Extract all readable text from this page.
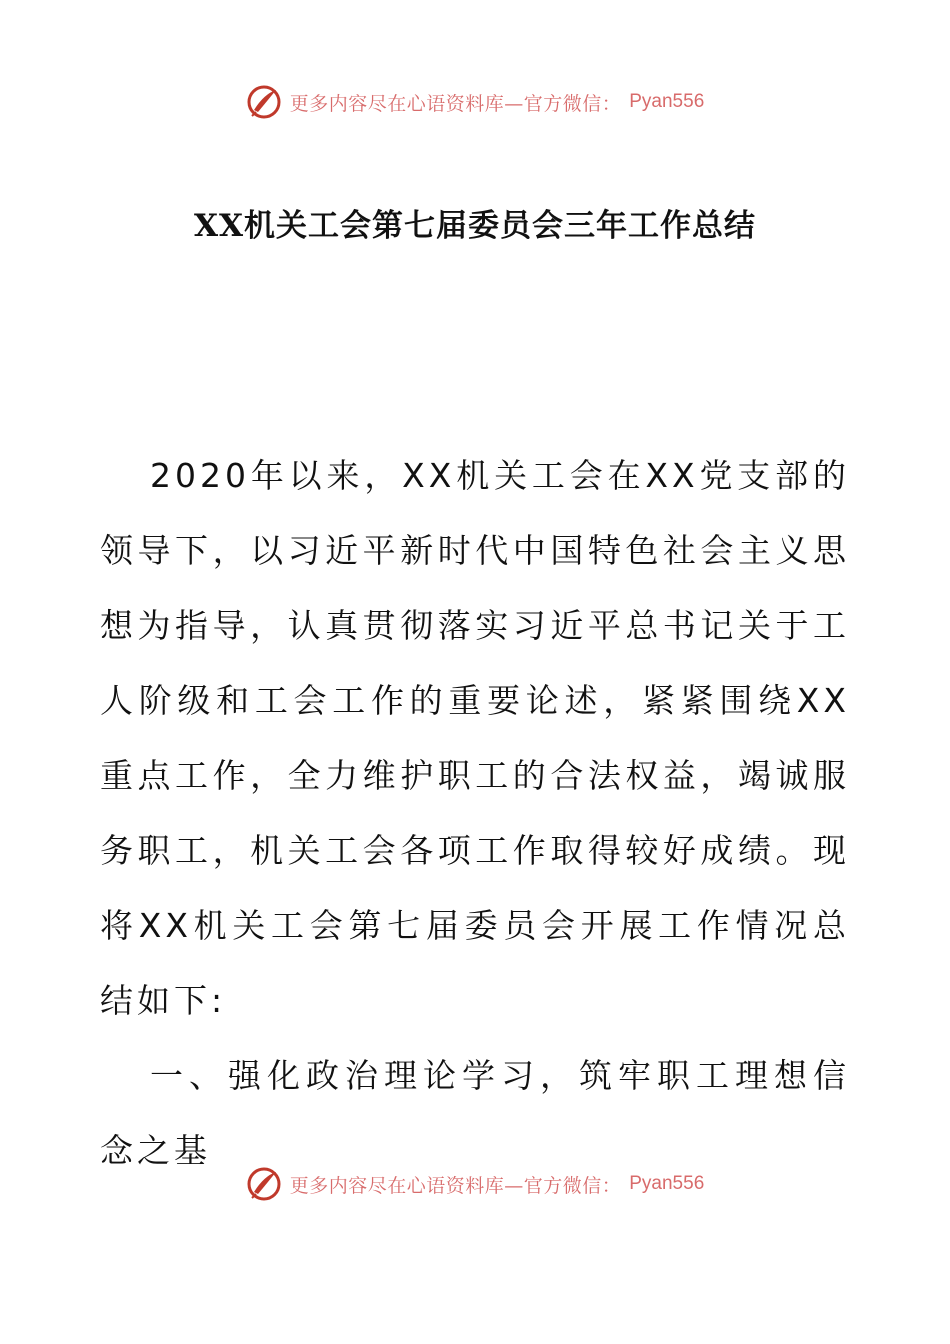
更多内容尽在心语资料库—官方微信： Pyan556
XX机关工会第七届委员会三年工作总结

2020年以来，XX机关工会在XX党支部的领导下，以习近平新时代中国特色社会主义思想为指导，认真贯彻落实习近平总书记关于工人阶级和工会工作的重要论述，紧紧围绕XX重点工作，全力维护职工的合法权益，竭诚服务职工，机关工会各项工作取得较好成绩。现将XX机关工会第七届委员会开展工作情况总结如下:

一、强化政治理论学习，筑牢职工理想信念之基

更多内容尽在心语资料库—官方微信： Pyan556
